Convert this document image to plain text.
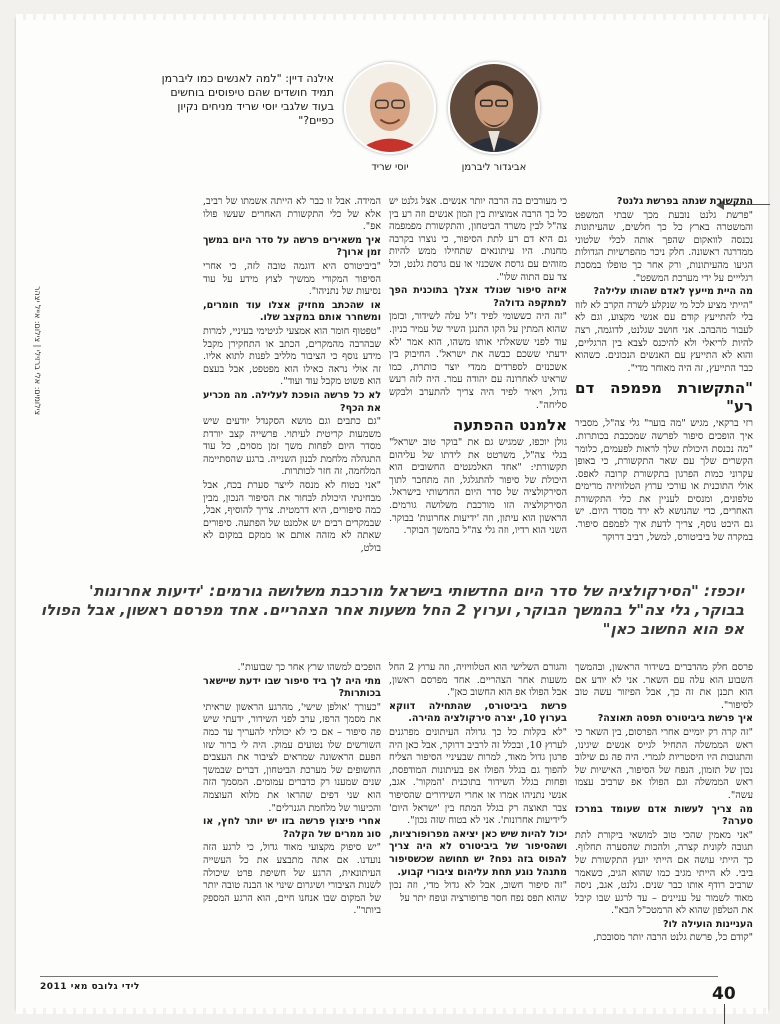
אביגדור ליברמן
יוסי שריד
אילנה דיין: "למה לאנשים כמו ליברמן תמיד חושדים שהם טיפוסים בוחשים בעוד שלגבי יוסי שריד מניחים נקיון כפיים?"
צילומים: אלי ברזילי | צילום: אייל יצהר

התקשורת שנתה בפרשת גלנט?

"פרשת גלנט נובעת מכך שבתי המשפט והמשטרה בארץ כל כך חלשים, שהעיתונות נכנסה לוואקום שהפך אותה לכלי שלטוני ממדרגה ראשונה. חלק ניכר מהפרשיות הגדולות הגיעו מהעיתונות, ורק אחר כך טופלו במסכת רגלייים על ידי מערכת המשפט".

מה היית מייעץ לאדם שהותו עלילה?

"הייתי מציע לכל מי שנקלע לשרה הקרב לא לזוז בלי להתייעץ קודם עם אנשי מקצוע, וגם לא לעבור מהבהב. אני חושב שגלנט, לדוגמה, רצה להיות לריאלי ולא להיכנס לצבא בין הרגליים, והוא לא התייעץ עם האנשים הנכונים. כשהוא כבר התייעץ, זה היה מאוחר מדי".

"התקשורת מפמפה דם רע"

רזי ברקאי, מגיש "מה בוער" גלי צה"ל, מסביר איך הופכים סיפור לפרשה שמככבת בכותרות. "מה נכנסת היכולת שלך לראות לפעמים, כלומר הקשרים שלך עם שאר התקשורת, כי באופן עקרוני כמות הפרגון בתקשורת קרובה לאפס. אולי התוכנית או עורכי ערוץ הטלוויזיה מרימים טלפונים, ומנסים לעניין את כלי התקשורת האחרים, כדי שהנושא לא ירד מסדר היום. יש גם היבט נוסף, צריך לדעת איך לפמפם סיפור. במקרה של ביביטורס, למשל, רביב דרוקר

כי מעורבים בה הרבה יותר אנשים. אצל גלנט יש כל כך הרבה אמוציות בין המון אנשים וזה רע בין צה"ל לבין משרד הביטחון, והתקשורת מפמפמה גם היא דם רע לתת הסיפור, כי נוצרו בקרבה מחנות. היו עיתונאים שתחילו ממש להיות מזוהים עם גרסת אשכנזי או עם גרסת גלנט, וכל צד עם התוה שלו".

איזה סיפור שנולד אצלך בתוכנית הפך למתקפה גדולה?

"זה היה כששומי לפיד ז"ל עלה לשידור, ובזמן שהוא המתין על הקו התנגן השיר של עמיר בניון. עוד לפני ששאלתי אותו משהו, הוא אמר 'לא ידעתי ששכם כבשה את ישראל'. החיבוק בין אשכנזים לספרדים ממדי יוצר כותרת, כמו שראינו לאחרונה עם יהודה עמר. היה לזה רעש גדול, ויאיר לפיד היה צריך להתערב ולבקש סליחה".

אלמנט ההפתעה

גולן יוכפז, שמגיש גם את "בוקר טוב ישראל" בגלי צה"ל, משרטט את לידתו של עליהום תקשורתי: "אחד האלמנטים החשובים הוא היכולת של סיפור להתגלגל, וזה מתחבר לתוך הסירקולציה של סדר היום החדשותי בישראל. הסירקולציה הזו מורכבת משלושה גורמים. הראשון הוא עיתון, וזה 'ידיעות אחרונות' בבוקר. השני הוא רדיו, וזה גלי צה"ל בהמשך הבוקר.

המידה. אבל זו כבר לא הייתה אשמתו של רביב, אלא של כלי התקשורת האחרים שעשו פולו אפ".

איך משאירים פרשה על סדר היום במשך זמן ארוך?

"ביביטורס היא דוגמה טובה לזה, כי אחרי הסיפור המקורי ממשיך לצוץ מידע על עוד נסיעות של נתניהו".

או שהכתב מחזיק אצלו עוד חומרים, ומשחרר אותם במקצב שלו.

"טפטוף חומר הוא אמצעי לגיטימי בעיניי, למרות שבהרבה מהמקרים, הכתב או התחקירן מקבל מידע נוסף כי הציבור מלליב לפנות לתוא אליו. זה אולי נראה כאילו הוא מפטפט, אבל בעצם הוא פשוט מקבל עוד ועוד".

לא כל פרשה הופכת לעלילה. מה מכריע את הכף?

"גם כתבים וגם מושא הסקנדל יודעים שיש משמעות קריטית לעיתוי. פרשייה קצב יורדת מסדר היום לפחות משך זמן מסוים, כל עוד התגהלה מלחמת לבנון השנייה. ברגע שהסתיימה המלחמה, זה חזר לכותרות.

"אני בטוח לא מנסה לייצר סערת בכח, אבל מבחינתי היכולת לבחור את הסיפור הנכון, מבין כמה סיפורים, היא דרמטית. צריך להוסיף, אבל, שבמקרים רבים יש אלמנט של הפתעה. סיפורים שאתה לא מזהה אותם או ממקם במקום לא בולט,

יוכפז: "הסירקולציה של סדר היום החדשותי בישראל מורכבת משלושה גורמים: 'ידיעות אחרונות' בבוקר, גלי צה"ל בהמשך הבוקר, וערוץ 2 החל משעות אחר הצהריים. אחד מפרסם ראשון, אבל הפולו אפ הוא החשוב כאן"

פרסם חלק מהדברים בשידור הראשון, ובהמשך השבוע הוא עלה עם השאר. אני לא יודע אם הוא תכנן את זה כך, אבל הפיזור עשה טוב לסיפור".

איך פרשת ביביטורס תפסה תאוצה?

"זה קרה רק יומיים אחרי הפרסום, בין השאר כי ראש הממשלה התחיל לגייס אנשים שיגינו, והתגובות היו היסטריות לגמרי. היה פה גם שילוב נכון של תזמון, הנפח של הסיפור, האישיות של ראש הממשלה וגם הפולו אפ שרביב עצמו עשה".

מה צריך לעשות אדם שעומד במרכז סערה?

"אני מאמין שהכי טוב למושאי ביקורת לתת תגובה לקונית קצרה, ולהכות שהסערה תחלוף. כך הייתי עושה אם הייתי יועץ התקשורת של ביבי. לא הייתי מגיב כמו שהוא הגיב, כשאמר שרביב רודף אותו כבר שנים. גלנט, אגב, ניסה מאוד לשמור על עניינים – עד לרגע שבו קיבל את הטלפון שהוא לא הרמטכ"ל הבא".

העניינות הועילה לו?

"קודם כל, פרשת גלנט הרבה יותר מסובכת,

והגורם השלישי הוא הטלוויזיה, וזה ערוץ 2 החל משעות אחר הצהריים. אחד מפרסם ראשון, אבל הפולו אפ הוא החשוב כאן".

פרשת ביביטורס, שהתחילה דווקא בערוץ 10, יצרה סירקולציה מהירה.

"לא בקלות כל כך גדולה העיתונים מפרגנים לערוץ 10, ובכלל זה לרביב דרוקר, אבל כאן היה פרגון גדול מאוד, למרות שבעיניי הסיפור הצליח להפוך גם בגלל הפולו אפ בעיתונות המודפסת, ופחות בגלל השידור בתוכנית 'המקור'. אגב, אנשי נתניהו אמרו או אחרי השידורים שהסיפור צבר תאוצה רק בגלל המתח בין 'ישראל היום' ל'ידיעות אחרונות'. אני לא בטוח שזה נכון".

יכול להיות שיש כאן יציאה מפרופורציות, ושהסיפור של ביביטורס לא היה צריך להפוס בזה נפח? יש תחושה שכשסיפור מתנהל נוגע תחת עליהום ציבורי קבוע.

"זה סיפור חשוב, אבל לא גדול מדי, וזה נכון שהוא תפס נפח חסר פרופורציה ונופח יתר על

הופכים למשהו שרץ אחר כך שבועות".

מתי היה לך ביד סיפור שבו ידעת שיישאר בכותרות?

"כעורך 'אולפן שישי', מהרגע הראשון שראיתי את מסמך הרפז, ערב לפני השידור, ידעתי שיש פה סיפור – אם כי לא יכולתי להעריך עד כמה השורשים שלו נטועים עמוק. היה לי ברור שזו הפעם הראשונה שמראים לציבור את העצבים החשופים של מערכת הביטחון, דברים שבמשך שנים שמענו רק כדברים עמומים. המסמך הזה הוא שני דפים שהראו את מלוא העוצמה והכיעור של מלחמת הגנרלים".

אחרי פיצוץ פרשה בזו יש יותר לחץ, או סוג ממרים של הקלה?

"יש סיפוק מקצועי מאוד גדול, כי לרגע הזה נועדנו. אם אתה מתבצע את כל העשייה העיתונאית, הרגע של חשיפת פרט שיכולה לשנות הציבורי ושיגרום שינוי או הבנה טובה יותר של המקום שבו אנחנו חיים, הוא הרגע המספק ביותר".

לידי גלובס מאי 2011	40
